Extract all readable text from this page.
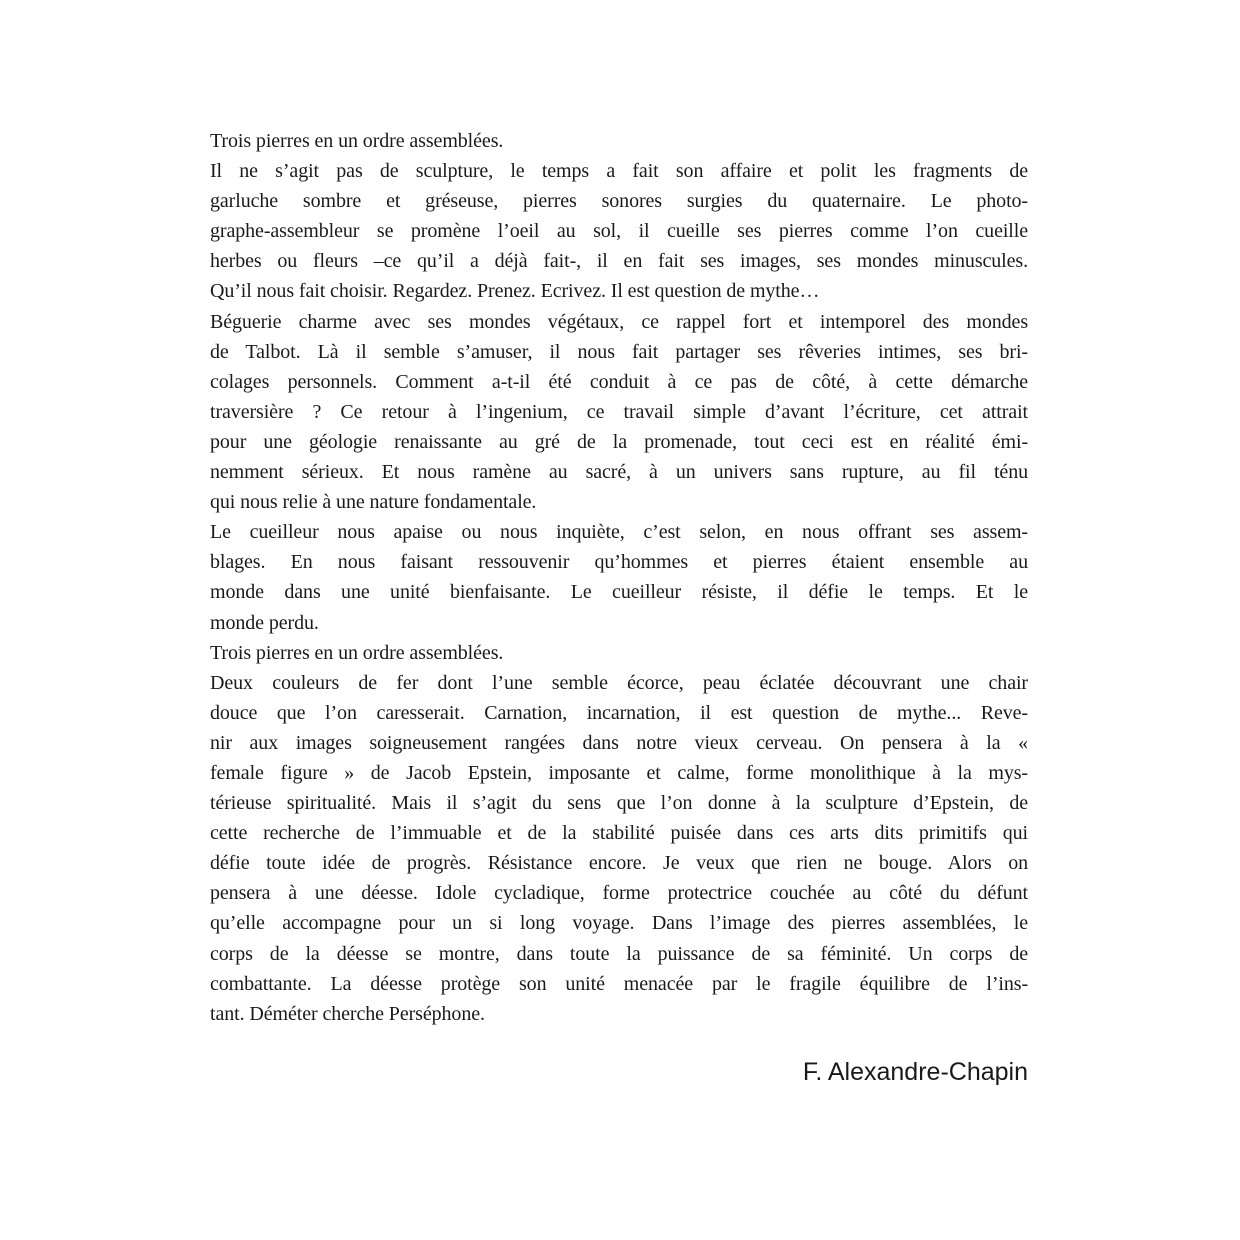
Trois pierres en un ordre assemblées.
Il ne s’agit pas de sculpture, le temps a fait son affaire et polit les fragments de
garluche sombre et gréseuse, pierres sonores surgies du quaternaire. Le photo-
graphe-assembleur se promène l’oeil au sol, il cueille ses pierres comme l’on cueille
herbes ou fleurs –ce qu’il a déjà fait-, il en fait ses images, ses mondes minuscules.
Qu’il nous fait choisir. Regardez. Prenez. Ecrivez. Il est question de mythe…
Béguerie charme avec ses mondes végétaux, ce rappel fort et intemporel des mondes
de Talbot. Là il semble s’amuser, il nous fait partager ses rêveries intimes, ses bri-
colages personnels. Comment a-t-il été conduit à ce pas de côté, à cette démarche
traversière ? Ce retour à l’ingenium, ce travail simple d’avant l’écriture, cet attrait
pour une géologie renaissante au gré de la promenade, tout ceci est en réalité émi-
nemment sérieux. Et nous ramène au sacré, à un univers sans rupture, au fil ténu
qui nous relie à une nature fondamentale.
Le cueilleur nous apaise ou nous inquiète, c’est selon, en nous offrant ses assem-
blages. En nous faisant ressouvenir qu’hommes et pierres étaient ensemble au
monde dans une unité bienfaisante. Le cueilleur résiste, il défie le temps. Et le
monde perdu.
Trois pierres en un ordre assemblées.
Deux couleurs de fer dont l’une semble écorce, peau éclatée découvrant une chair
douce que l’on caresserait. Carnation, incarnation, il est question de mythe... Reve-
nir aux images soigneusement rangées dans notre vieux cerveau. On pensera à la «
female figure » de Jacob Epstein, imposante et calme, forme monolithique à la mys-
térieuse spiritualité. Mais il s’agit du sens que l’on donne à la sculpture d’Epstein, de
cette recherche de l’immuable et de la stabilité puisée dans ces arts dits primitifs qui
défie toute idée de progrès. Résistance encore. Je veux que rien ne bouge. Alors on
pensera à une déesse. Idole cycladique, forme protectrice couchée au côté du défunt
qu’elle accompagne pour un si long voyage. Dans l’image des pierres assemblées, le
corps de la déesse se montre, dans toute la puissance de sa féminité. Un corps de
combattante. La déesse protège son unité menacée par le fragile équilibre de l’ins-
tant. Déméter cherche Perséphone.
F. Alexandre-Chapin
